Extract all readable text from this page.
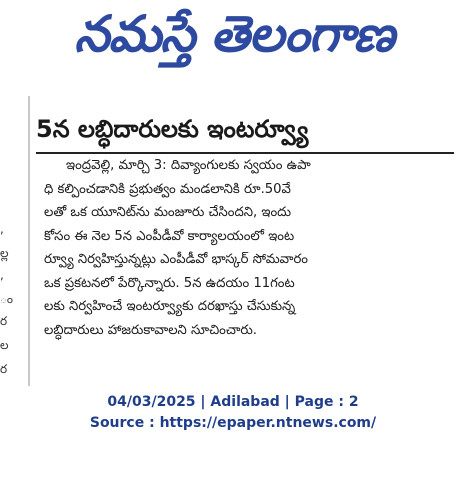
నమస్తే తెలంగాణ
5న లబ్ధిదారులకు ఇంటర్వ్యూ
ఇంద్రవెల్లి, మార్చి 3: దివ్యాంగులకు స్వయం ఉపా
ధి కల్పించడానికి ప్రభుత్వం మండలానికి రూ.50వే
లతో ఒక యూనిట్‌ను మంజూరు చేసిందని, ఇందు
కోసం ఈ నెల 5న ఎంపీడీవో కార్యాలయంలో ఇంట
ర్వ్యూ నిర్వహిస్తున్నట్లు ఎంపీడీవో భాస్కర్ సోమవారం
ఒక ప్రకటనలో పేర్కొన్నారు. 5న ఉదయం 11గంట
లకు నిర్వహించే ఇంటర్వ్యూకు దరఖాస్తు చేసుకున్న
లబ్ధిదారులు హాజరుకావాలని సూచించారు.
,
ల్ల
,
ం
ర
ల
ర
04/03/2025 | Adilabad | Page : 2
Source : https://epaper.ntnews.com/
